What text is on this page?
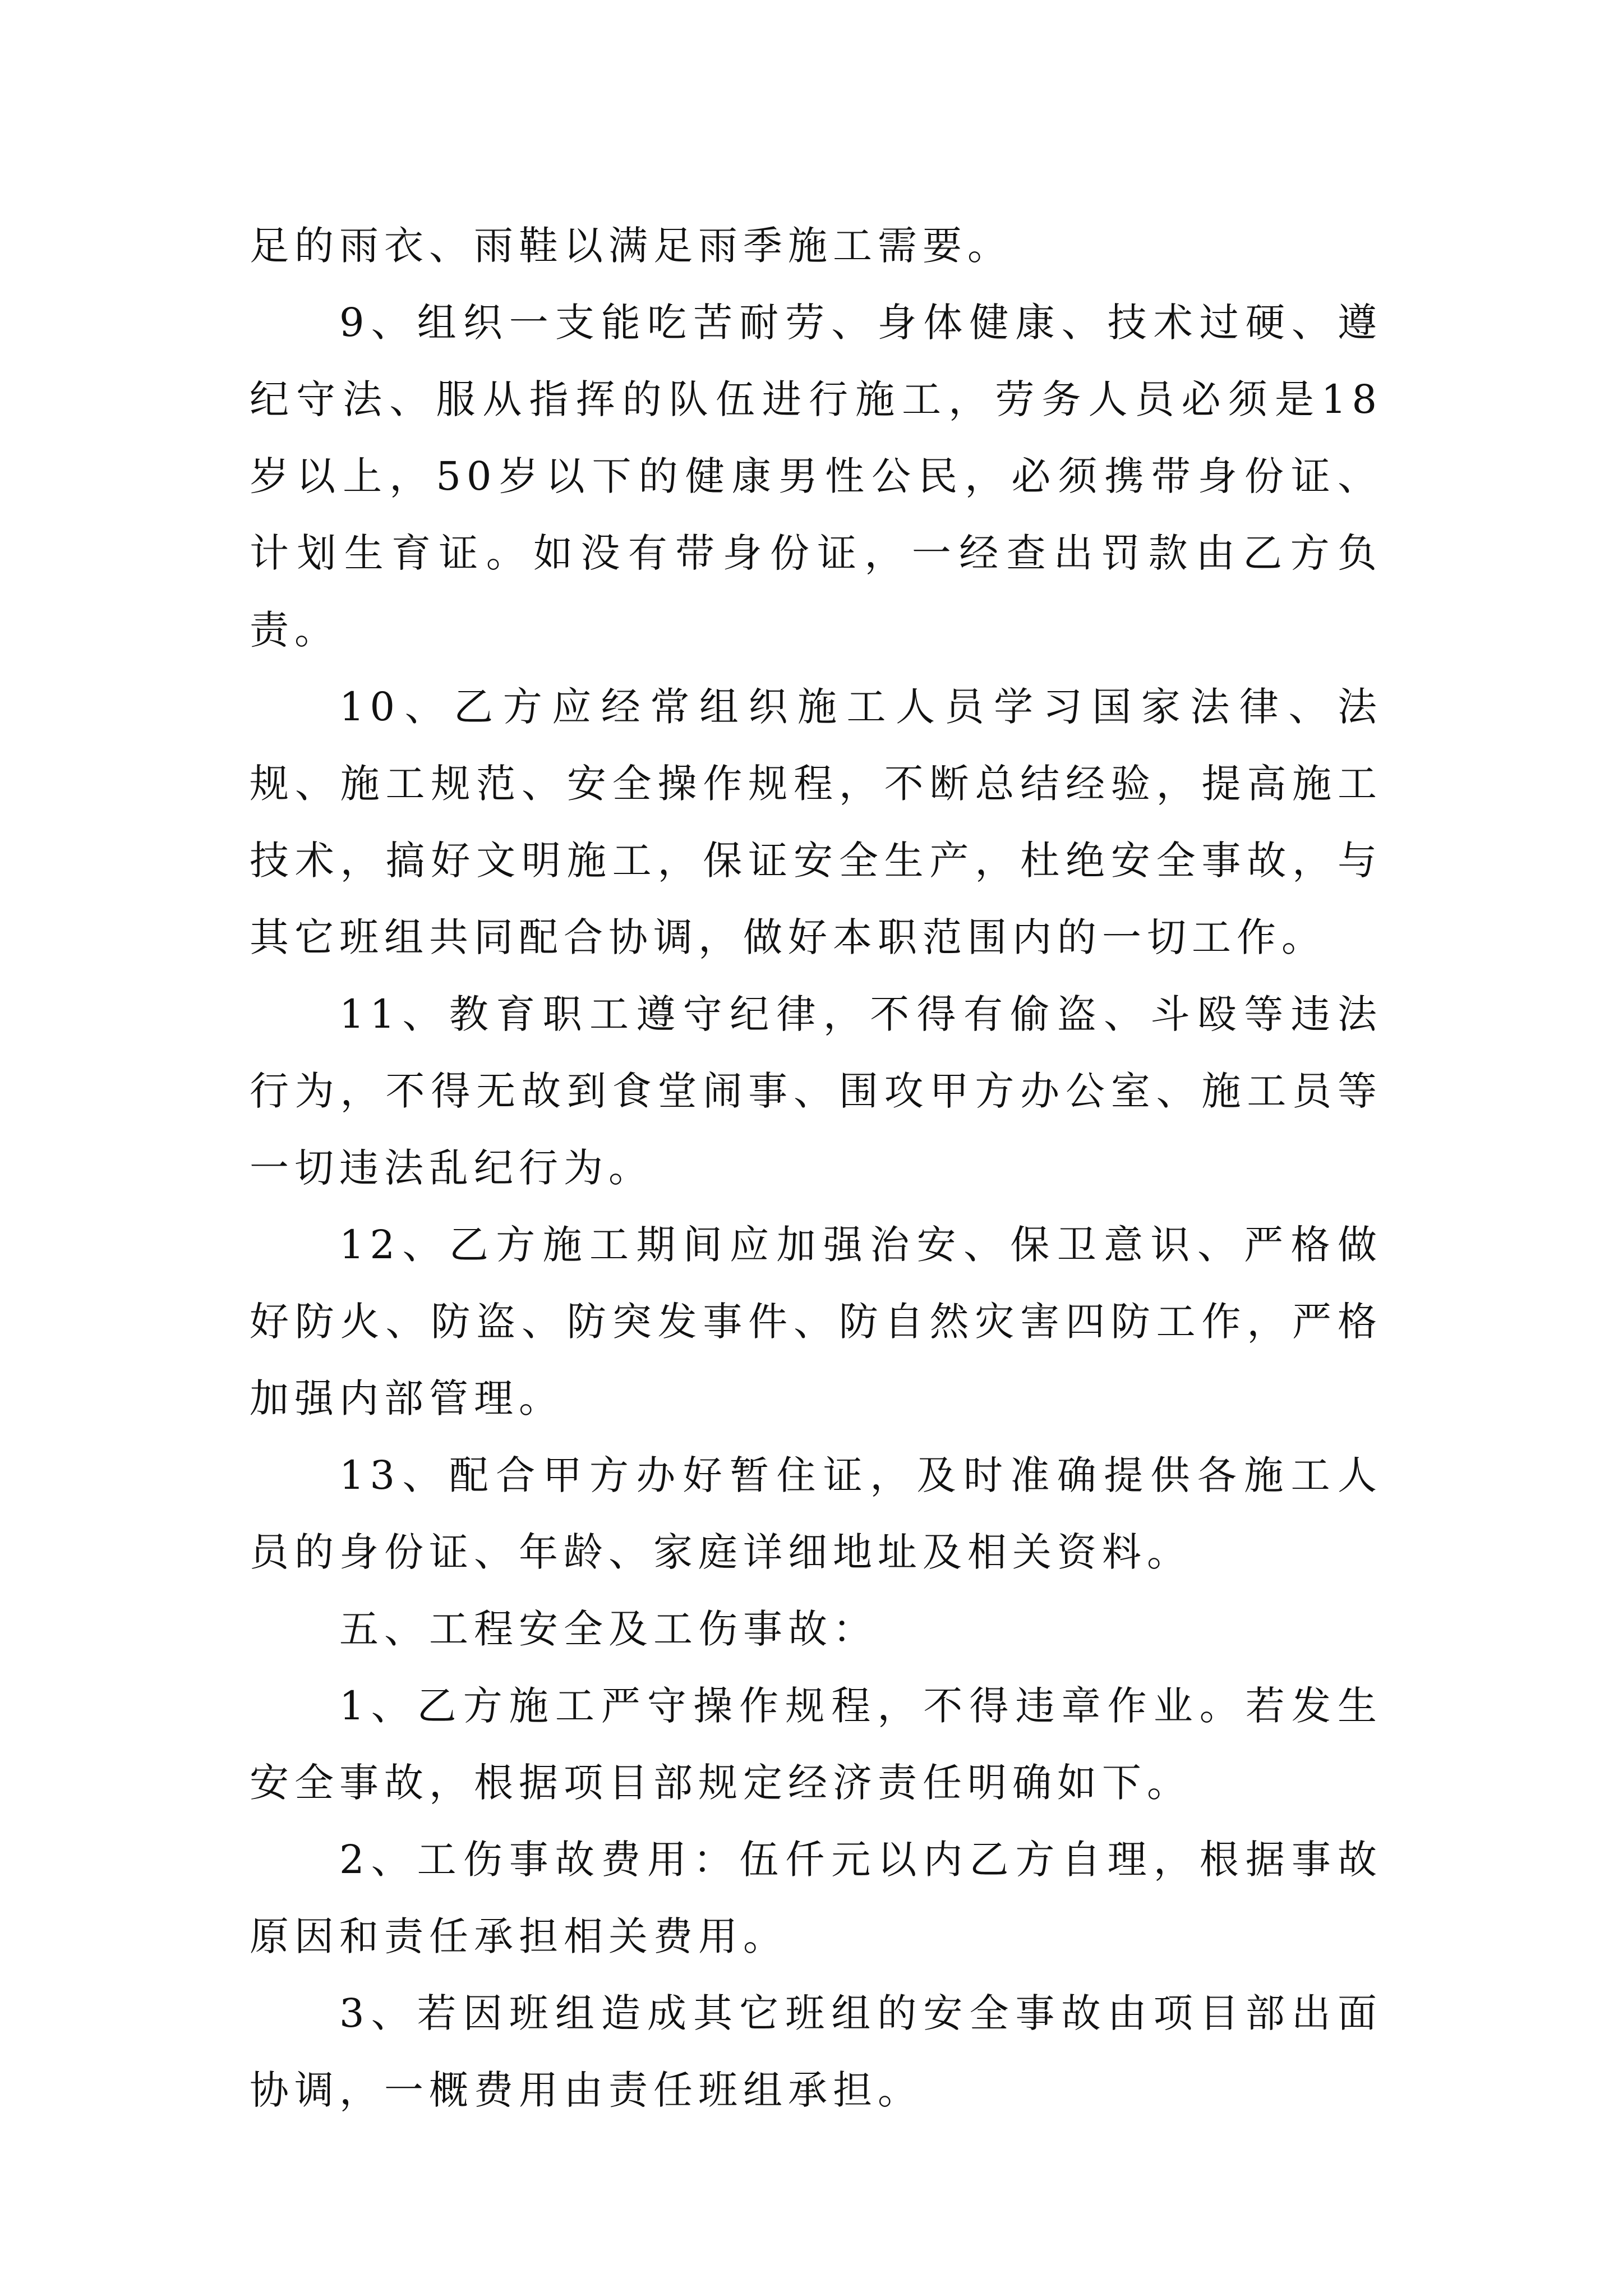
足的雨衣、雨鞋以满足雨季施工需要。

9、组织一支能吃苦耐劳、身体健康、技术过硬、遵纪守法、服从指挥的队伍进行施工，劳务人员必须是18岁以上，50岁以下的健康男性公民，必须携带身份证、计划生育证。如没有带身份证，一经查出罚款由乙方负责。

10、乙方应经常组织施工人员学习国家法律、法规、施工规范、安全操作规程，不断总结经验，提高施工技术，搞好文明施工，保证安全生产，杜绝安全事故，与其它班组共同配合协调，做好本职范围内的一切工作。

11、教育职工遵守纪律，不得有偷盗、斗殴等违法行为，不得无故到食堂闹事、围攻甲方办公室、施工员等一切违法乱纪行为。

12、乙方施工期间应加强治安、保卫意识、严格做好防火、防盗、防突发事件、防自然灾害四防工作，严格加强内部管理。

13、配合甲方办好暂住证，及时准确提供各施工人员的身份证、年龄、家庭详细地址及相关资料。

五、工程安全及工伤事故：

1、乙方施工严守操作规程，不得违章作业。若发生安全事故，根据项目部规定经济责任明确如下。

2、工伤事故费用：伍仟元以内乙方自理，根据事故原因和责任承担相关费用。

3、若因班组造成其它班组的安全事故由项目部出面协调，一概费用由责任班组承担。
